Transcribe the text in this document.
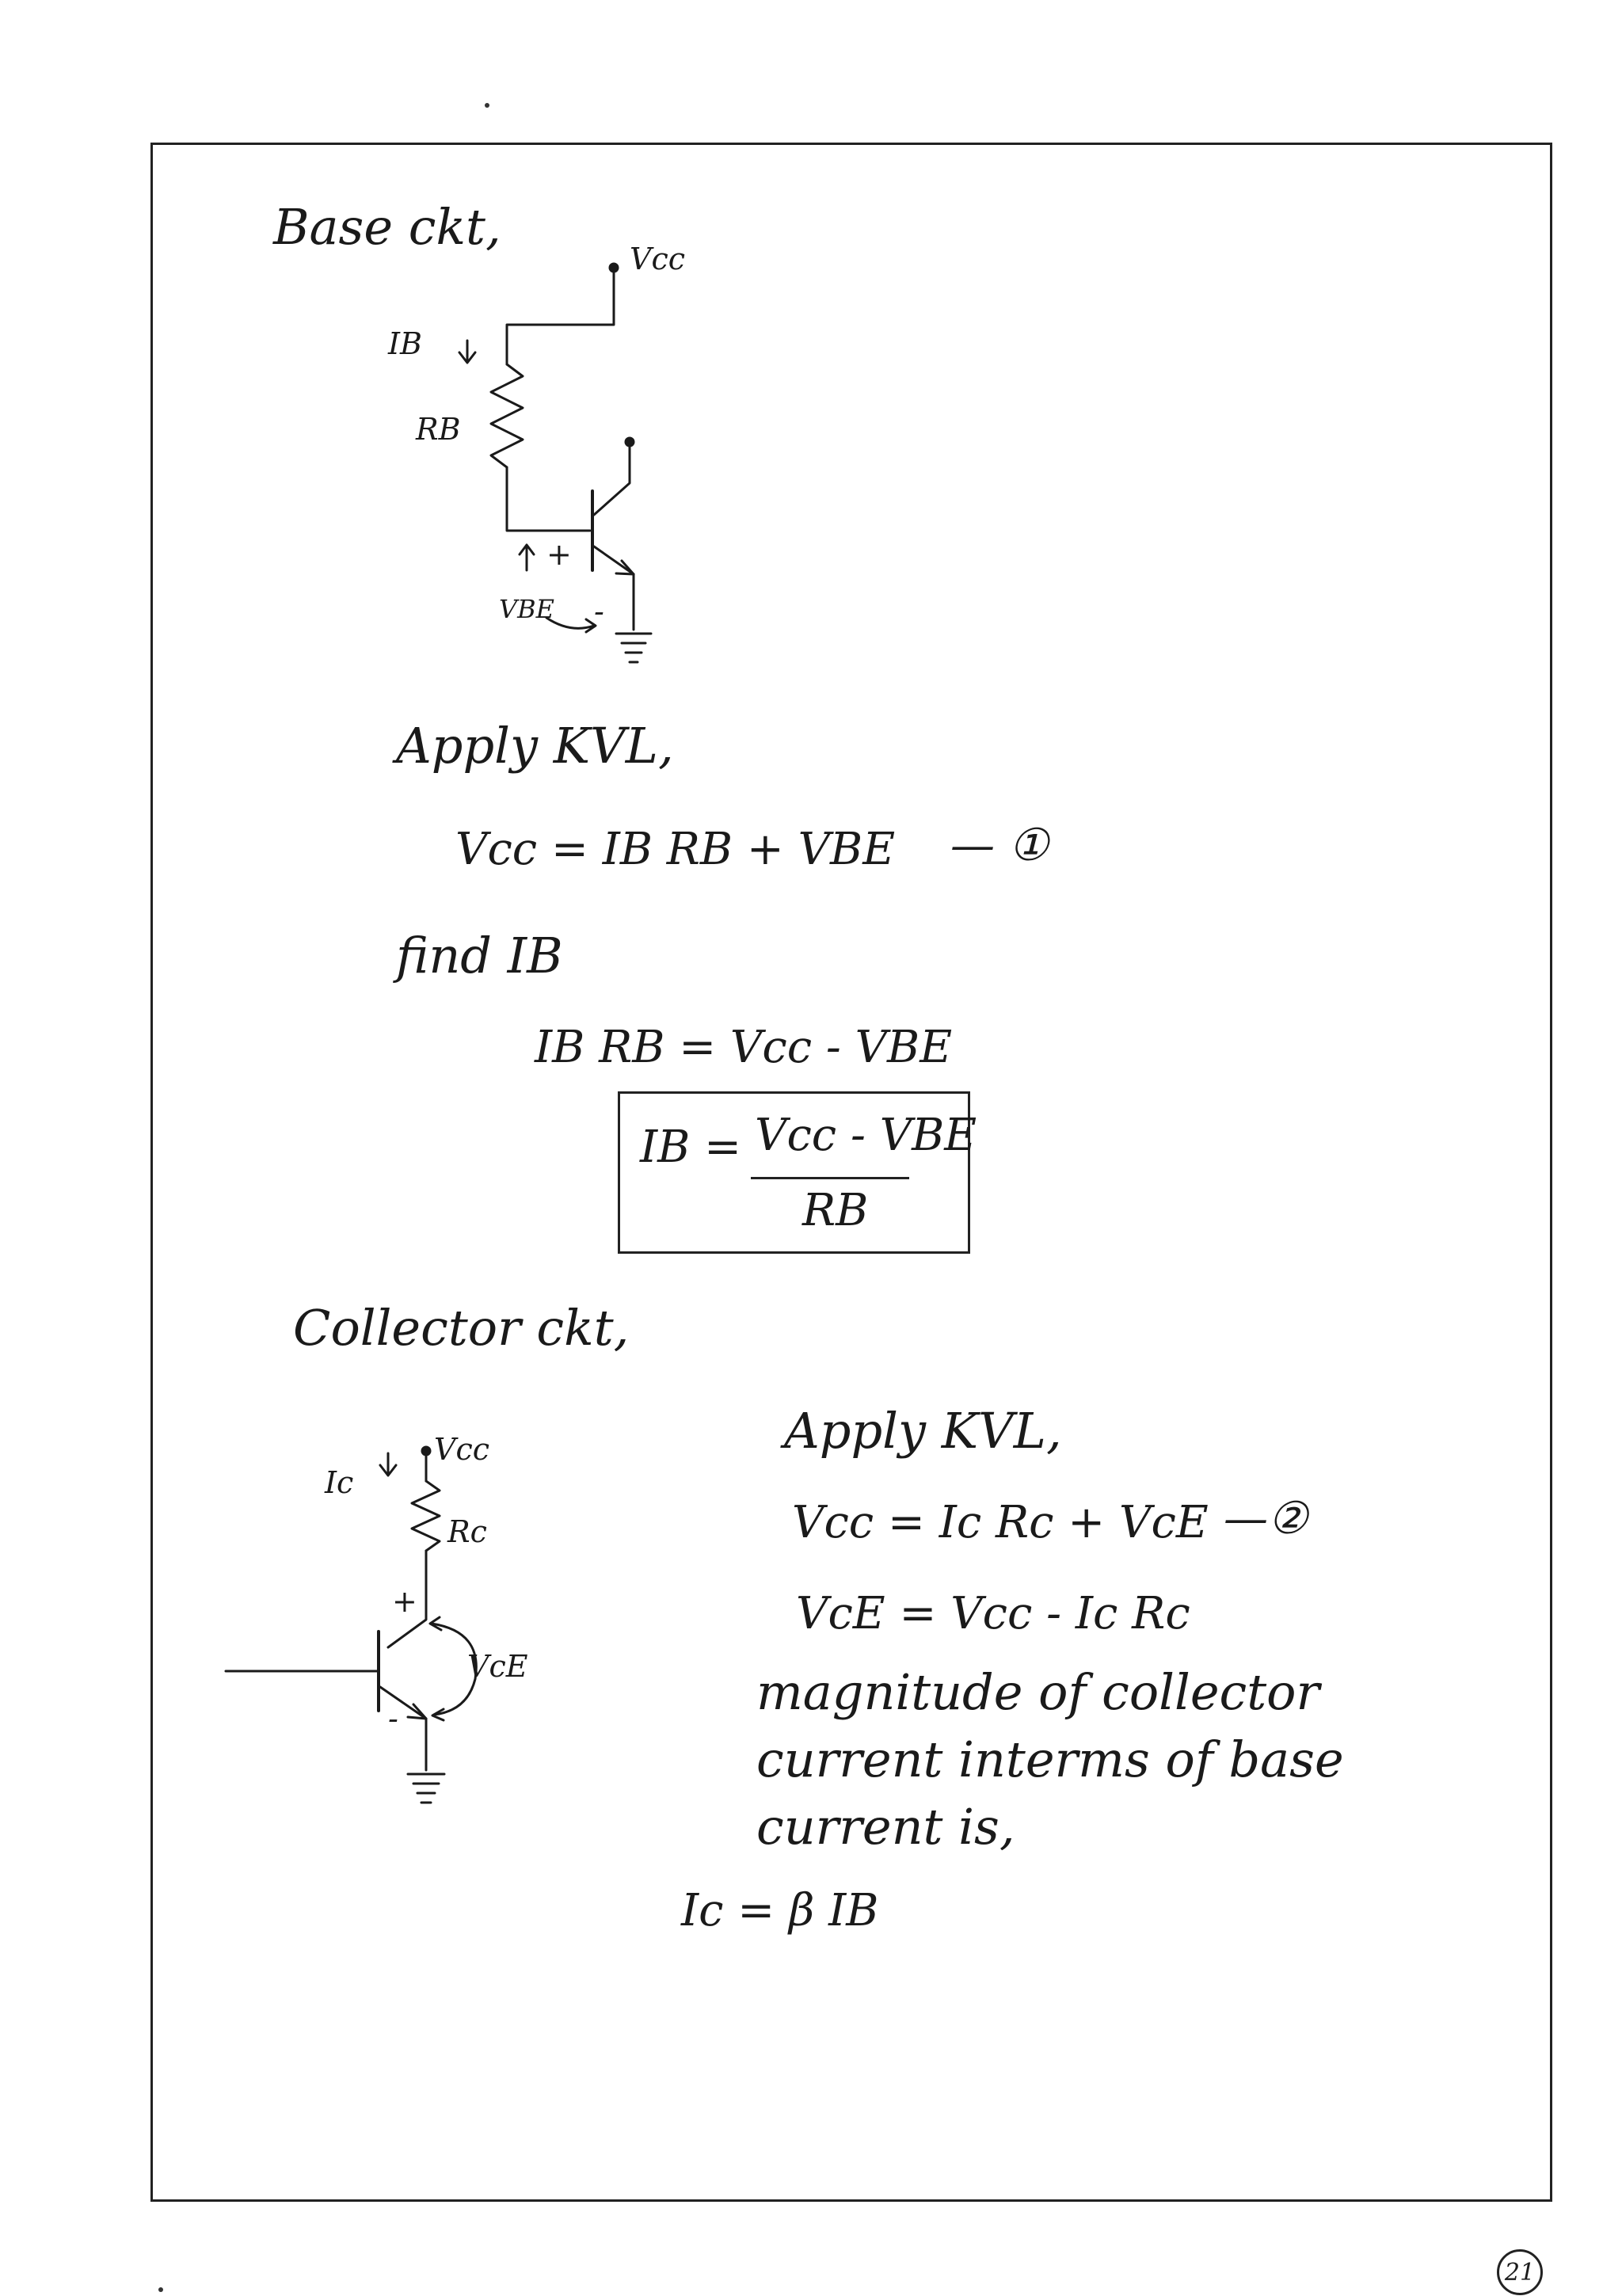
Base ckt,
Vcc
IB
RB
+
VBE -
Apply KVL,
Vcc = IB RB + VBE — ①
find IB
IB RB = Vcc - VBE
IB = Vcc - VBE
RB
Collector ckt,
Ic
Vcc
Rc
+
VcE
-
Apply KVL,
Vcc = Ic Rc + VcE —②
VcE = Vcc - Ic Rc
magnitude of collector
current interms of base
current is,
Ic = β IB
21
